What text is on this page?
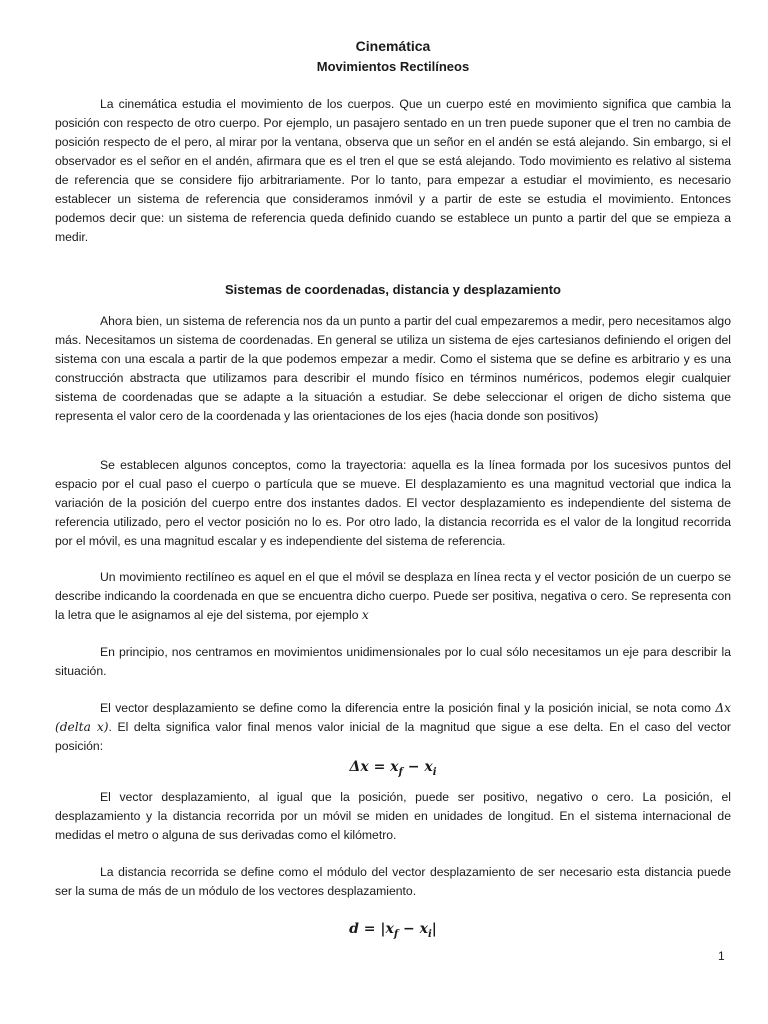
Cinemática
Movimientos Rectilíneos

La cinemática estudia el movimiento de los cuerpos. Que un cuerpo esté en movimiento significa que cambia la posición con respecto de otro cuerpo. Por ejemplo, un pasajero sentado en un tren puede suponer que el tren no cambia de posición respecto de el pero, al mirar por la ventana, observa que un señor en el andén se está alejando. Sin embargo, si el observador es el señor en el andén, afirmara que es el tren el que se está alejando. Todo movimiento es relativo al sistema de referencia que se considere fijo arbitrariamente. Por lo tanto, para empezar a estudiar el movimiento, es necesario establecer un sistema de referencia que consideramos inmóvil y a partir de este se estudia el movimiento. Entonces podemos decir que: un sistema de referencia queda definido cuando se establece un punto a partir del que se empieza a medir.

Sistemas de coordenadas, distancia y desplazamiento

Ahora bien, un sistema de referencia nos da un punto a partir del cual empezaremos a medir, pero necesitamos algo más. Necesitamos un sistema de coordenadas. En general se utiliza un sistema de ejes cartesianos definiendo el origen del sistema con una escala a partir de la que podemos empezar a medir. Como el sistema que se define es arbitrario y es una construcción abstracta que utilizamos para describir el mundo físico en términos numéricos, podemos elegir cualquier sistema de coordenadas que se adapte a la situación a estudiar. Se debe seleccionar el origen de dicho sistema que representa el valor cero de la coordenada y las orientaciones de los ejes (hacia donde son positivos)

Se establecen algunos conceptos, como la trayectoria: aquella es la línea formada por los sucesivos puntos del espacio por el cual paso el cuerpo o partícula que se mueve. El desplazamiento es una magnitud vectorial que indica la variación de la posición del cuerpo entre dos instantes dados. El vector desplazamiento es independiente del sistema de referencia utilizado, pero el vector posición no lo es. Por otro lado, la distancia recorrida es el valor de la longitud recorrida por el móvil, es una magnitud escalar y es independiente del sistema de referencia.

Un movimiento rectilíneo es aquel en el que el móvil se desplaza en línea recta y el vector posición de un cuerpo se describe indicando la coordenada en que se encuentra dicho cuerpo. Puede ser positiva, negativa o cero. Se representa con la letra que le asignamos al eje del sistema, por ejemplo x

En principio, nos centramos en movimientos unidimensionales por lo cual sólo necesitamos un eje para describir la situación.

El vector desplazamiento se define como la diferencia entre la posición final y la posición inicial, se nota como Δx (delta x). El delta significa valor final menos valor inicial de la magnitud que sigue a ese delta. En el caso del vector posición:

$\Delta x = x_f - x_i$

El vector desplazamiento, al igual que la posición, puede ser positivo, negativo o cero. La posición, el desplazamiento y la distancia recorrida por un móvil se miden en unidades de longitud. En el sistema internacional de medidas el metro o alguna de sus derivadas como el kilómetro.

La distancia recorrida se define como el módulo del vector desplazamiento de ser necesario esta distancia puede ser la suma de más de un módulo de los vectores desplazamiento.

$d = |x_f - x_i|$
1
